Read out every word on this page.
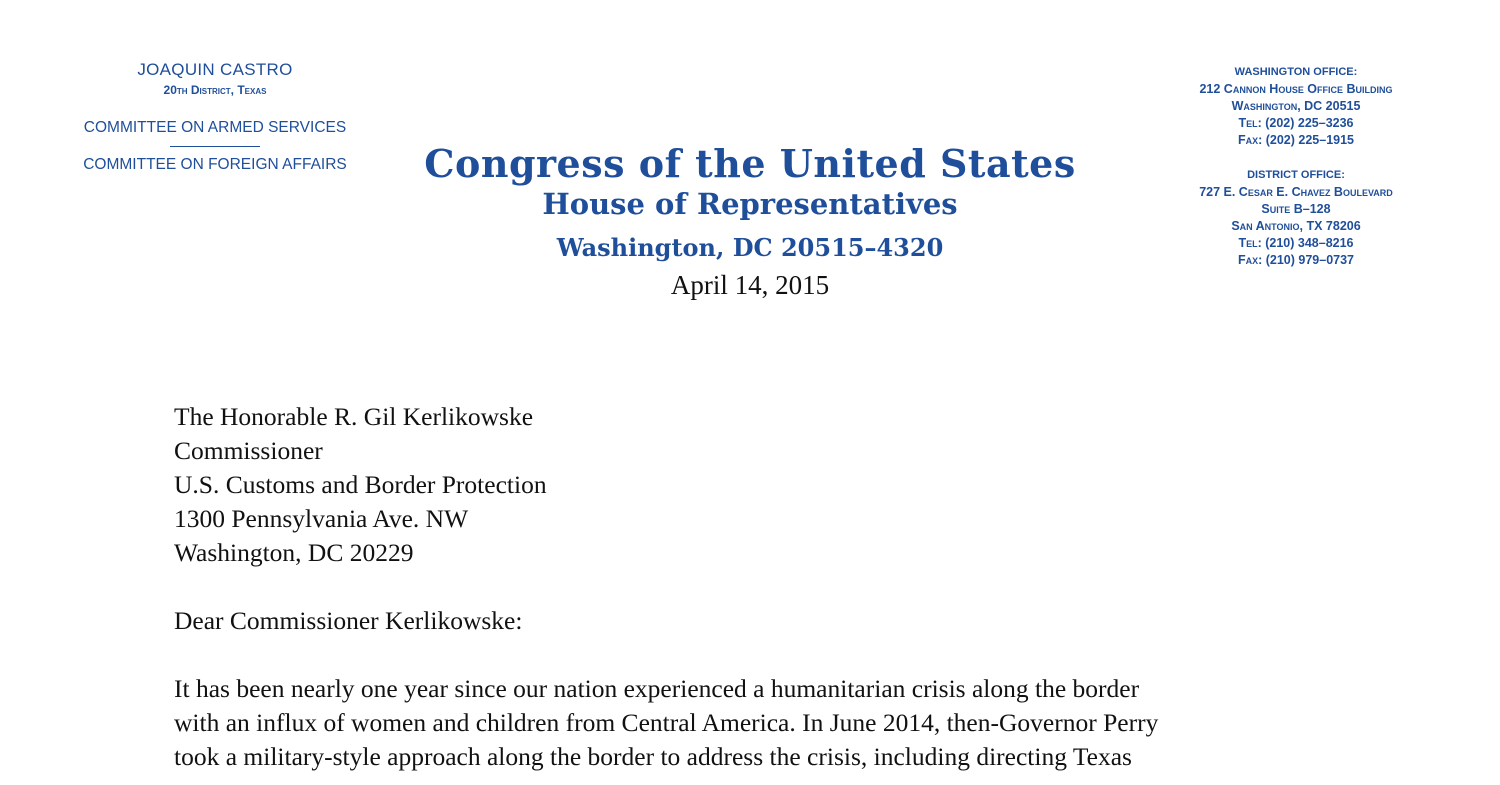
JOAQUIN CASTRO
20th District, Texas
COMMITTEE ON ARMED SERVICES
COMMITTEE ON FOREIGN AFFAIRS	Congress of the United States
House of Representatives
Washington, DC 20515–4320
April 14, 2015
WASHINGTON OFFICE:
212 Cannon House Office Building
Washington, DC 20515
Tel: (202) 225–3236
Fax: (202) 225–1915
DISTRICT OFFICE:
727 E. Cesar E. Chavez Boulevard
Suite B–128
San Antonio, TX 78206
Tel: (210) 348–8216
Fax: (210) 979–0737
The Honorable R. Gil Kerlikowske
Commissioner
U.S. Customs and Border Protection
1300 Pennsylvania Ave. NW
Washington, DC 20229
Dear Commissioner Kerlikowske:
It has been nearly one year since our nation experienced a humanitarian crisis along the border
with an influx of women and children from Central America. In June 2014, then-Governor Perry
took a military-style approach along the border to address the crisis, including directing Texas
